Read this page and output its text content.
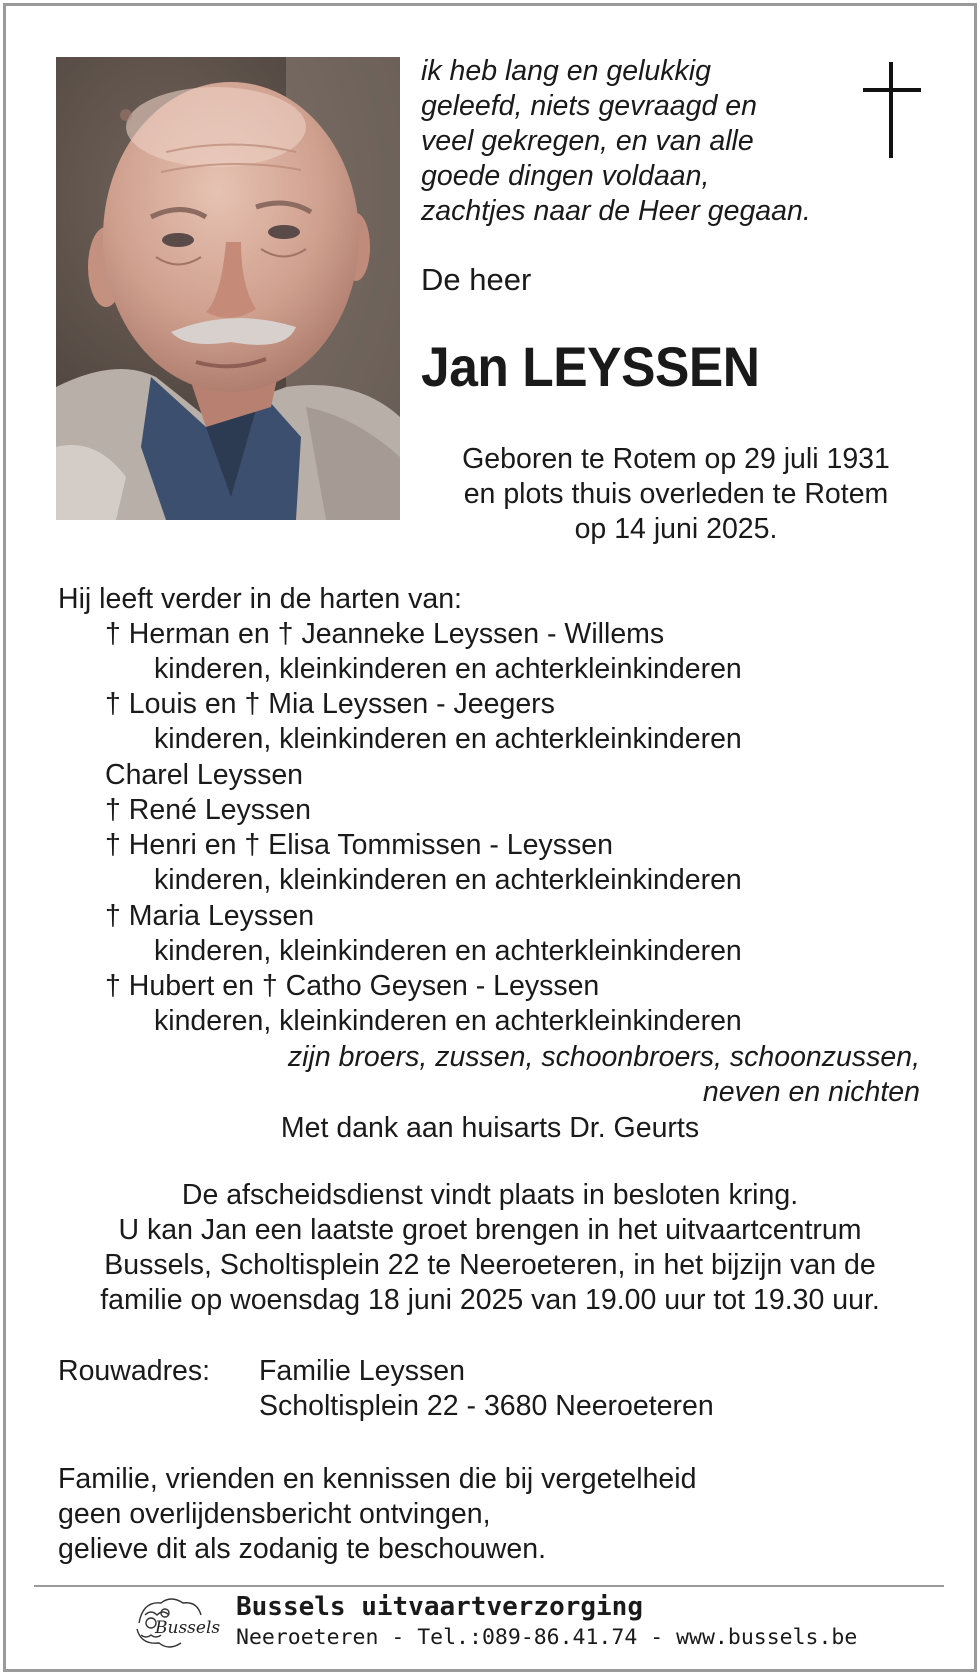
ik heb lang en gelukkig
geleefd, niets gevraagd en
veel gekregen, en van alle
goede dingen voldaan,
zachtjes naar de Heer gegaan.
De heer
Jan LEYSSEN
Geboren te Rotem op 29 juli 1931
en plots thuis overleden te Rotem
op 14 juni 2025.
Hij leeft verder in de harten van:
† Herman en † Jeanneke Leyssen - Willems
kinderen, kleinkinderen en achterkleinkinderen
† Louis en † Mia Leyssen - Jeegers
kinderen, kleinkinderen en achterkleinkinderen
Charel Leyssen
† René Leyssen
† Henri en † Elisa Tommissen - Leyssen
kinderen, kleinkinderen en achterkleinkinderen
† Maria Leyssen
kinderen, kleinkinderen en achterkleinkinderen
† Hubert en † Catho Geysen - Leyssen
kinderen, kleinkinderen en achterkleinkinderen
zijn broers, zussen, schoonbroers, schoonzussen,
neven en nichten
Met dank aan huisarts Dr. Geurts
De afscheidsdienst vindt plaats in besloten kring.
U kan Jan een laatste groet brengen in het uitvaartcentrum
Bussels, Scholtisplein 22 te Neeroeteren, in het bijzijn van de
familie op woensdag 18 juni 2025 van 19.00 uur tot 19.30 uur.
Rouwadres: Familie Leyssen
Scholtisplein 22 - 3680 Neeroeteren
Familie, vrienden en kennissen die bij vergetelheid
geen overlijdensbericht ontvingen,
gelieve dit als zodanig te beschouwen.
Bussels
Bussels uitvaartverzorging
Neeroeteren - Tel.:089-86.41.74 - www.bussels.be
